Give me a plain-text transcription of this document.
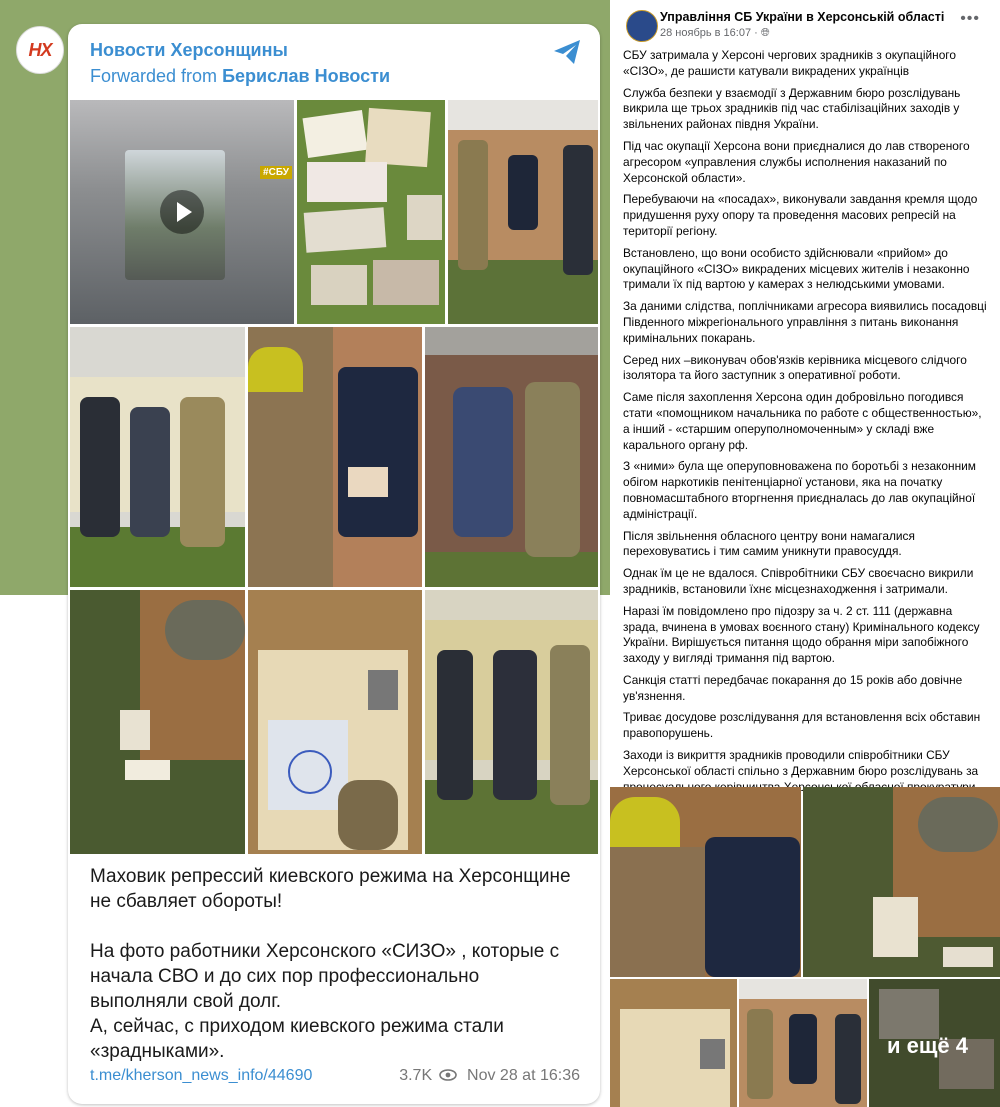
Новости Херсонщины
Forwarded from Берислав Новости
#СБУ

Маховик репрессий киевского режима на Херсонщине не сбавляет обороты!

На фото работники Херсонского «СИЗО» , которые с начала СВО и до сих пор профессионально выполняли свой долг.
А, сейчас, с приходом киевского режима стали «зрадныками».

t.me/kherson_news_info/44690	3.7K Nov 28 at 16:36
НХ
Управління СБ України в Херсонській області
28 ноябрь в 16:07 · 🌐︎
•••

СБУ затримала у Херсоні чергових зрадників з окупаційного «СІЗО», де рашисти катували викрадених українців

Служба безпеки у взаємодії з Державним бюро розслідувань викрила ще трьох зрадників під час стабілізаційних заходів у звільнених районах півдня України.

Під час окупації Херсона вони приєдналися до лав створеного агресором «управления службы исполнения наказаний по Херсонской области».

Перебуваючи на «посадах», виконували завдання кремля щодо придушення руху опору та проведення масових репресій на території регіону.

Встановлено, що вони особисто здійснювали «прийом» до окупаційного «СІЗО» викрадених місцевих жителів і незаконно тримали їх під вартою у камерах з нелюдськими умовами.

За даними слідства, поплічниками агресора виявились посадовці Південного міжрегіонального управління з питань виконання кримінальних покарань.

Серед них –виконувач обов'язків керівника місцевого слідчого ізолятора та його заступник з оперативної роботи.

Саме після захоплення Херсона один добровільно погодився стати «помощником начальника по работе с общественностью», а інший - «старшим оперуполномоченным» у складі вже карального органу рф.

З «ними» була ще оперуповноважена по боротьбі з незаконним обігом наркотиків пенітенціарної установи, яка на початку повномасштабного вторгнення приєдналась до лав окупаційної адміністрації.

Після звільнення обласного центру вони намагалися переховуватись і тим самим уникнути правосуддя.

Однак їм це не вдалося. Співробітники СБУ своєчасно викрили зрадників, встановили їхнє місцезнаходження і затримали.

Наразі їм повідомлено про підозру за ч. 2 ст. 111 (державна зрада, вчинена в умовах воєнного стану) Кримінального кодексу України. Вирішується питання щодо обрання міри запобіжного заходу у вигляді тримання під вартою.

Санкція статті передбачає покарання до 15 років або довічне ув'язнення.

Триває досудове розслідування для встановлення всіх обставин правопорушень.

Заходи із викриття зрадників проводили співробітники СБУ Херсонської області спільно з Державним бюро розслідувань за

и ещё 4
